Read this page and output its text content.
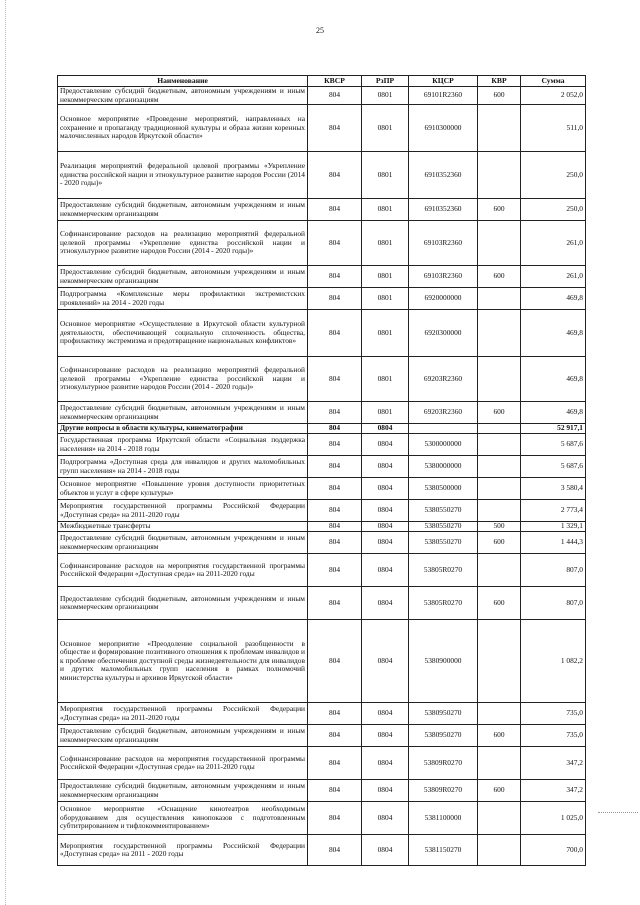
25
Наименование	КВСР	РзПР	КЦСР	КВР	Сумма
Предоставление субсидий бюджетным, автономным учреждениям и иным некоммерческим организациям	804	0801	69101R2360	600	2 052,0
Основное мероприятие «Проведение мероприятий, направленных на сохранение и пропаганду традиционной культуры и образа жизни коренных малочисленных народов Иркутской области»	804	0801	6910300000		511,0
Реализация мероприятий федеральной целевой программы «Укрепление единства российской нации и этнокультурное развитие народов России (2014 - 2020 годы)»	804	0801	6910352360		250,0
Предоставление субсидий бюджетным, автономным учреждениям и иным некоммерческим организациям	804	0801	6910352360	600	250,0
Софинансирование расходов на реализацию мероприятий федеральной целевой программы «Укрепление единства российской нации и этнокультурное развитие народов России (2014 - 2020 годы)»	804	0801	69103R2360		261,0
Предоставление субсидий бюджетным, автономным учреждениям и иным некоммерческим организациям	804	0801	69103R2360	600	261,0
Подпрограмма «Комплексные меры профилактики экстремистских проявлений» на 2014 - 2020 годы	804	0801	6920000000		469,8
Основное мероприятие «Осуществление в Иркутской области культурной деятельности, обеспечивающей социальную сплоченность общества, профилактику экстремизма и предотвращение национальных конфликтов»	804	0801	6920300000		469,8
Софинансирование расходов на реализацию мероприятий федеральной целевой программы «Укрепление единства российской нации и этнокультурное развитие народов России (2014 - 2020 годы)»	804	0801	69203R2360		469,8
Предоставление субсидий бюджетным, автономным учреждениям и иным некоммерческим организациям	804	0801	69203R2360	600	469,8
Другие вопросы в области культуры, кинематографии	804	0804			52 917,1
Государственная программа Иркутской области «Социальная поддержка населения» на 2014 - 2018 годы	804	0804	5300000000		5 687,6
Подпрограмма «Доступная среда для инвалидов и других маломобильных групп населения» на 2014 - 2018 годы	804	0804	5380000000		5 687,6
Основное мероприятие «Повышение уровня доступности приоритетных объектов и услуг в сфере культуры»	804	0804	5380500000		3 580,4
Мероприятия государственной программы Российской Федерации «Доступная среда» на 2011-2020 годы	804	0804	5380550270		2 773,4
Межбюджетные трансферты	804	0804	5380550270	500	1 329,1
Предоставление субсидий бюджетным, автономным учреждениям и иным некоммерческим организациям	804	0804	5380550270	600	1 444,3
Софинансирование расходов на мероприятия государственной программы Российской Федерации «Доступная среда» на 2011-2020 годы	804	0804	53805R0270		807,0
Предоставление субсидий бюджетным, автономным учреждениям и иным некоммерческим организациям	804	0804	53805R0270	600	807,0
Основное мероприятие «Преодоление социальной разобщенности в обществе и формирование позитивного отношения к проблемам инвалидов и к проблеме обеспечения доступной среды жизнедеятельности для инвалидов и других маломобильных групп населения в рамках полномочий министерства культуры и архивов Иркутской области»	804	0804	5380900000		1 082,2
Мероприятия государственной программы Российской Федерации «Доступная среда» на 2011-2020 годы	804	0804	5380950270		735,0
Предоставление субсидий бюджетным, автономным учреждениям и иным некоммерческим организациям	804	0804	5380950270	600	735,0
Софинансирование расходов на мероприятия государственной программы Российской Федерации «Доступная среда» на 2011-2020 годы	804	0804	53809R0270		347,2
Предоставление субсидий бюджетным, автономным учреждениям и иным некоммерческим организациям	804	0804	53809R0270	600	347,2
Основное мероприятие «Оснащение кинотеатров необходимым оборудованием для осуществления кинопоказов с подготовленным субтитрированием и тифлокомментированием»	804	0804	5381100000		1 025,0
Мероприятия государственной программы Российской Федерации «Доступная среда» на 2011 - 2020 годы	804	0804	5381150270		700,0
